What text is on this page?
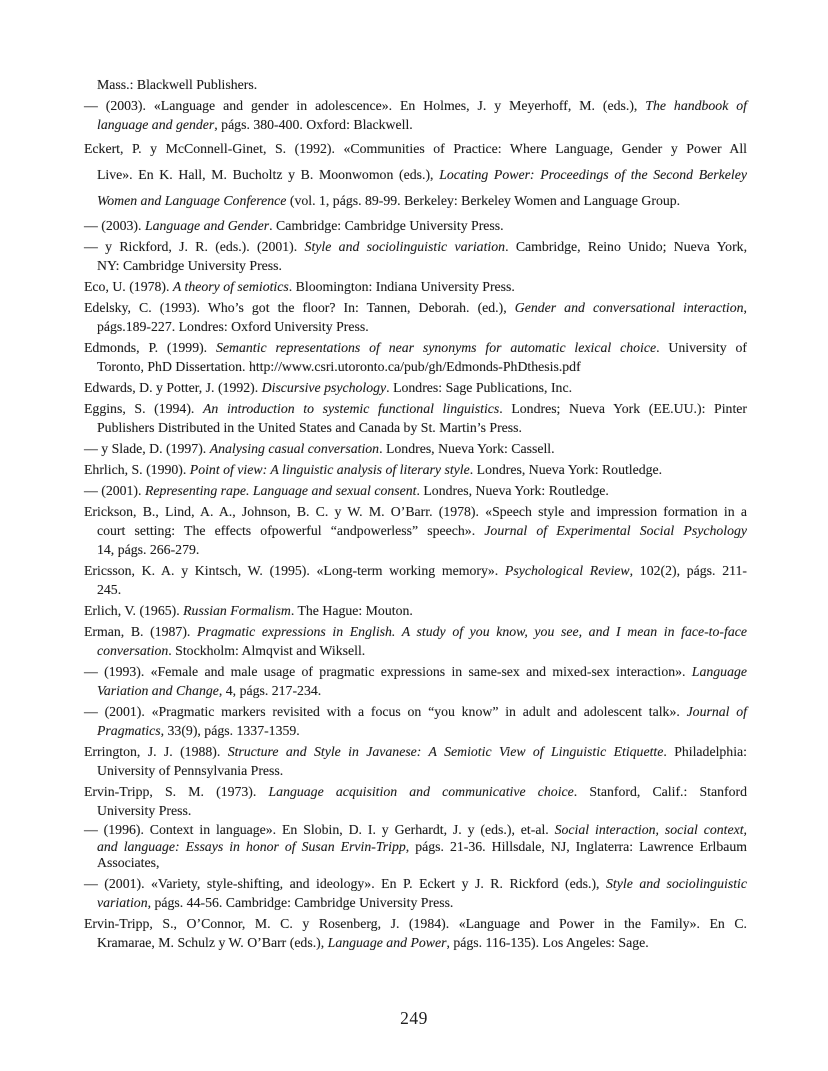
Mass.: Blackwell Publishers.
— (2003). «Language and gender in adolescence». En Holmes, J. y Meyerhoff, M. (eds.), The handbook of
language and gender, págs. 380-400. Oxford: Blackwell.
Eckert, P. y McConnell-Ginet, S. (1992). «Communities of Practice: Where Language, Gender y Power All
Live». En K. Hall, M. Bucholtz y B. Moonwomon (eds.), Locating Power: Proceedings of the Second Berkeley
Women and Language Conference (vol. 1, págs. 89-99. Berkeley: Berkeley Women and Language Group.
— (2003). Language and Gender. Cambridge: Cambridge University Press.
— y Rickford, J. R. (eds.). (2001). Style and sociolinguistic variation. Cambridge, Reino Unido; Nueva York,
NY: Cambridge University Press.
Eco, U. (1978). A theory of semiotics. Bloomington: Indiana University Press.
Edelsky, C. (1993). Who’s got the floor? In: Tannen, Deborah. (ed.), Gender and conversational interaction,
págs.189-227. Londres: Oxford University Press.
Edmonds, P. (1999). Semantic representations of near synonyms for automatic lexical choice. University of
Toronto, PhD Dissertation. http://www.csri.utoronto.ca/pub/gh/Edmonds-PhDthesis.pdf
Edwards, D. y Potter, J. (1992). Discursive psychology. Londres: Sage Publications, Inc.
Eggins, S. (1994). An introduction to systemic functional linguistics. Londres; Nueva York (EE.UU.): Pinter
Publishers Distributed in the United States and Canada by St. Martin’s Press.
— y Slade, D. (1997). Analysing casual conversation. Londres, Nueva York: Cassell.
Ehrlich, S. (1990). Point of view: A linguistic analysis of literary style. Londres, Nueva York: Routledge.
— (2001). Representing rape. Language and sexual consent. Londres, Nueva York: Routledge.
Erickson, B., Lind, A. A., Johnson, B. C. y W. M. O’Barr. (1978). «Speech style and impression formation in a
court setting: The effects ofpowerful “andpowerless” speech». Journal of Experimental Social Psychology
14, págs. 266-279.
Ericsson, K. A. y Kintsch, W. (1995). «Long-term working memory». Psychological Review, 102(2), págs. 211-
245.
Erlich, V. (1965). Russian Formalism. The Hague: Mouton.
Erman, B. (1987). Pragmatic expressions in English. A study of you know, you see, and I mean in face-to-face
conversation. Stockholm: Almqvist and Wiksell.
— (1993). «Female and male usage of pragmatic expressions in same-sex and mixed-sex interaction». Language
Variation and Change, 4, págs. 217-234.
— (2001). «Pragmatic markers revisited with a focus on “you know” in adult and adolescent talk». Journal of
Pragmatics, 33(9), págs. 1337-1359.
Errington, J. J. (1988). Structure and Style in Javanese: A Semiotic View of Linguistic Etiquette. Philadelphia:
University of Pennsylvania Press.
Ervin-Tripp, S. M. (1973). Language acquisition and communicative choice. Stanford, Calif.: Stanford
University Press.
— (1996). Context in language». En Slobin, D. I. y Gerhardt, J. y (eds.), et-al. Social interaction, social context,
and language: Essays in honor of Susan Ervin-Tripp, págs. 21-36. Hillsdale, NJ, Inglaterra: Lawrence Erlbaum
Associates,
— (2001). «Variety, style-shifting, and ideology». En P. Eckert y J. R. Rickford (eds.), Style and sociolinguistic
variation, págs. 44-56. Cambridge: Cambridge University Press.
Ervin-Tripp, S., O’Connor, M. C. y Rosenberg, J. (1984). «Language and Power in the Family». En C.
Kramarae, M. Schulz y W. O’Barr (eds.), Language and Power, págs. 116-135). Los Angeles: Sage.
249
